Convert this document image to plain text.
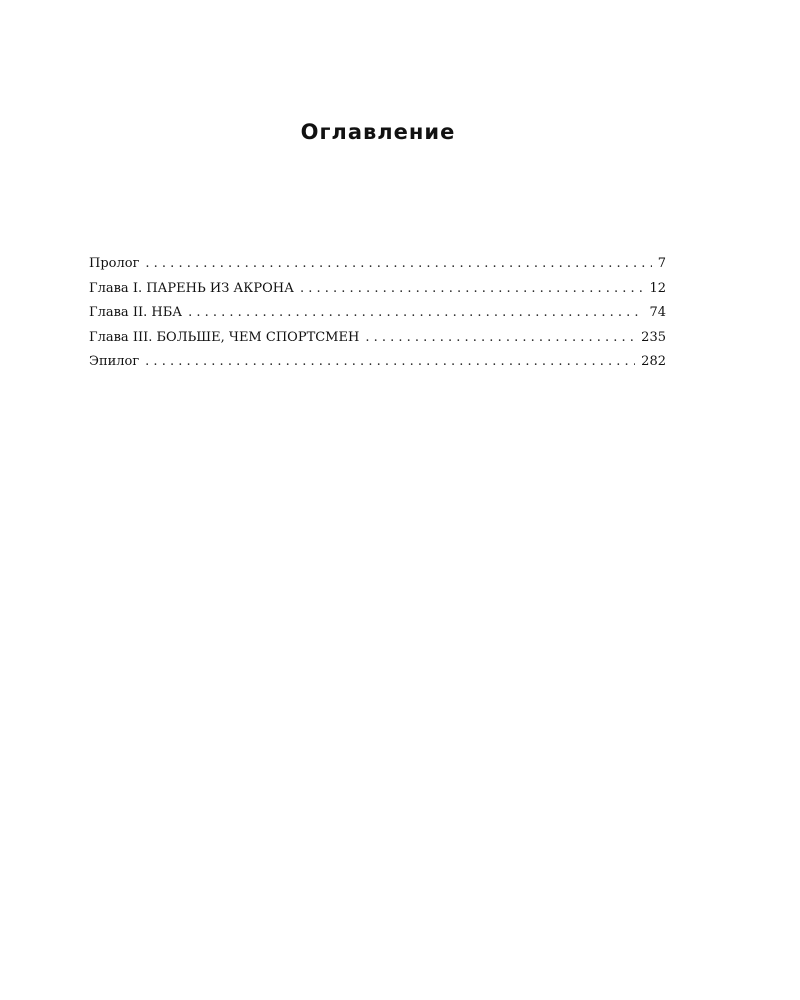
Оглавление
Пролог . . .	7
Глава I. ПАРЕНЬ ИЗ АКРОНА . . .	12
Глава II. НБА . . .	74
Глава III. БОЛЬШЕ, ЧЕМ СПОРТСМЕН . . .	235
Эпилог . . .	282
